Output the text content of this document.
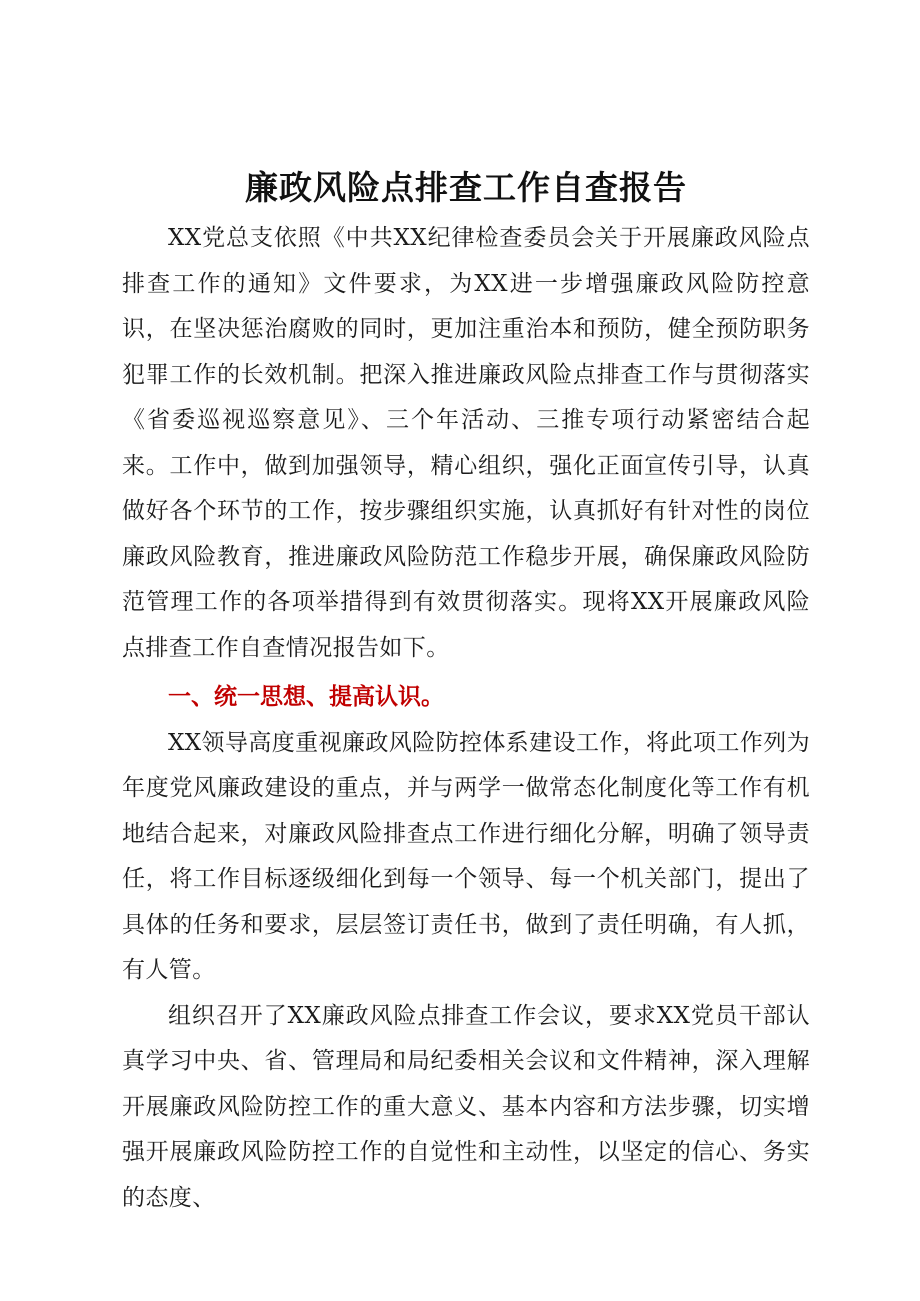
廉政风险点排查工作自查报告

XX党总支依照《中共XX纪律检查委员会关于开展廉政风险点排查工作的通知》文件要求，为XX进一步增强廉政风险防控意识，在坚决惩治腐败的同时，更加注重治本和预防，健全预防职务犯罪工作的长效机制。把深入推进廉政风险点排查工作与贯彻落实《省委巡视巡察意见》、三个年活动、三推专项行动紧密结合起来。工作中，做到加强领导，精心组织，强化正面宣传引导，认真做好各个环节的工作，按步骤组织实施，认真抓好有针对性的岗位廉政风险教育，推进廉政风险防范工作稳步开展，确保廉政风险防范管理工作的各项举措得到有效贯彻落实。现将XX开展廉政风险点排查工作自查情况报告如下。

一、统一思想、提高认识。

XX领导高度重视廉政风险防控体系建设工作，将此项工作列为年度党风廉政建设的重点，并与两学一做常态化制度化等工作有机地结合起来，对廉政风险排查点工作进行细化分解，明确了领导责任，将工作目标逐级细化到每一个领导、每一个机关部门，提出了具体的任务和要求，层层签订责任书，做到了责任明确，有人抓，有人管。

组织召开了XX廉政风险点排查工作会议，要求XX党员干部认真学习中央、省、管理局和局纪委相关会议和文件精神，深入理解开展廉政风险防控工作的重大意义、基本内容和方法步骤，切实增强开展廉政风险防控工作的自觉性和主动性，以坚定的信心、务实的态度、
